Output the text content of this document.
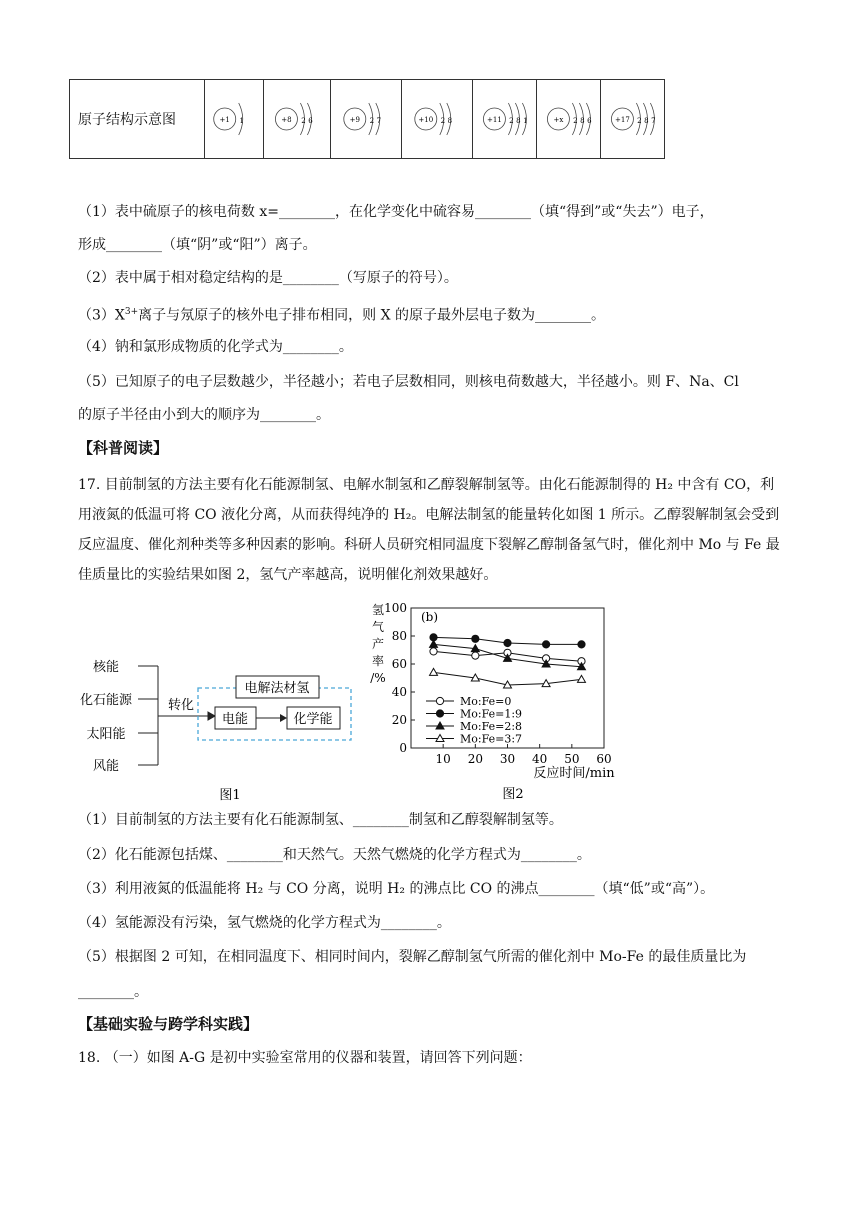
原子结构示意图	+1 1	+8 2 6	+9 2 7	+10 2 8	+11 2 8 1	+x 2 8 6	+17 2 8 7
（1）表中硫原子的核电荷数 x=________，在化学变化中硫容易________（填“得到”或“失去”）电子，
形成________（填“阴”或“阳”）离子。
（2）表中属于相对稳定结构的是________（写原子的符号）。
$(3)X^{3+}$离子与氖原子的核外电子排布相同，则 X 的原子最外层电子数为________。
（4）钠和氯形成物质的化学式为________。
（5）已知原子的电子层数越少，半径越小；若电子层数相同，则核电荷数越大，半径越小。则 F、Na、Cl
的原子半径由小到大的顺序为________。
【科普阅读】
17. 目前制氢的方法主要有化石能源制氢、电解水制氢和乙醇裂解制氢等。由化石能源制得的 H₂ 中含有 CO，利用液氮的低温可将 CO 液化分离，从而获得纯净的 H₂。电解法制氢的能量转化如图 1 所示。乙醇裂解制氢会受到反应温度、催化剂种类等多种因素的影响。科研人员研究相同温度下裂解乙醇制备氢气时，催化剂中 Mo 与 Fe 最佳质量比的实验结果如图 2，氢气产率越高，说明催化剂效果越好。
核能
化石能源
太阳能
风能
转化
电解法材氢
电能	化学能
图1
0
20
40
60
80
100
10 20 30 40 50 60
氢气产率/%
Mo:Fe=0
Mo:Fe=1:9
Mo:Fe=2:8
Mo:Fe=3:7
(b)
反应时间/min
图2
（1）目前制氢的方法主要有化石能源制氢、________制氢和乙醇裂解制氢等。
（2）化石能源包括煤、________和天然气。天然气燃烧的化学方程式为________。
（3）利用液氮的低温能将 H₂ 与 CO 分离，说明 H₂ 的沸点比 CO 的沸点________（填“低”或“高”）。
（4）氢能源没有污染，氢气燃烧的化学方程式为________。
（5）根据图 2 可知，在相同温度下、相同时间内，裂解乙醇制氢气所需的催化剂中 Mo-Fe 的最佳质量比为
________。
【基础实验与跨学科实践】
18. （一）如图 A-G 是初中实验室常用的仪器和装置，请回答下列问题：
